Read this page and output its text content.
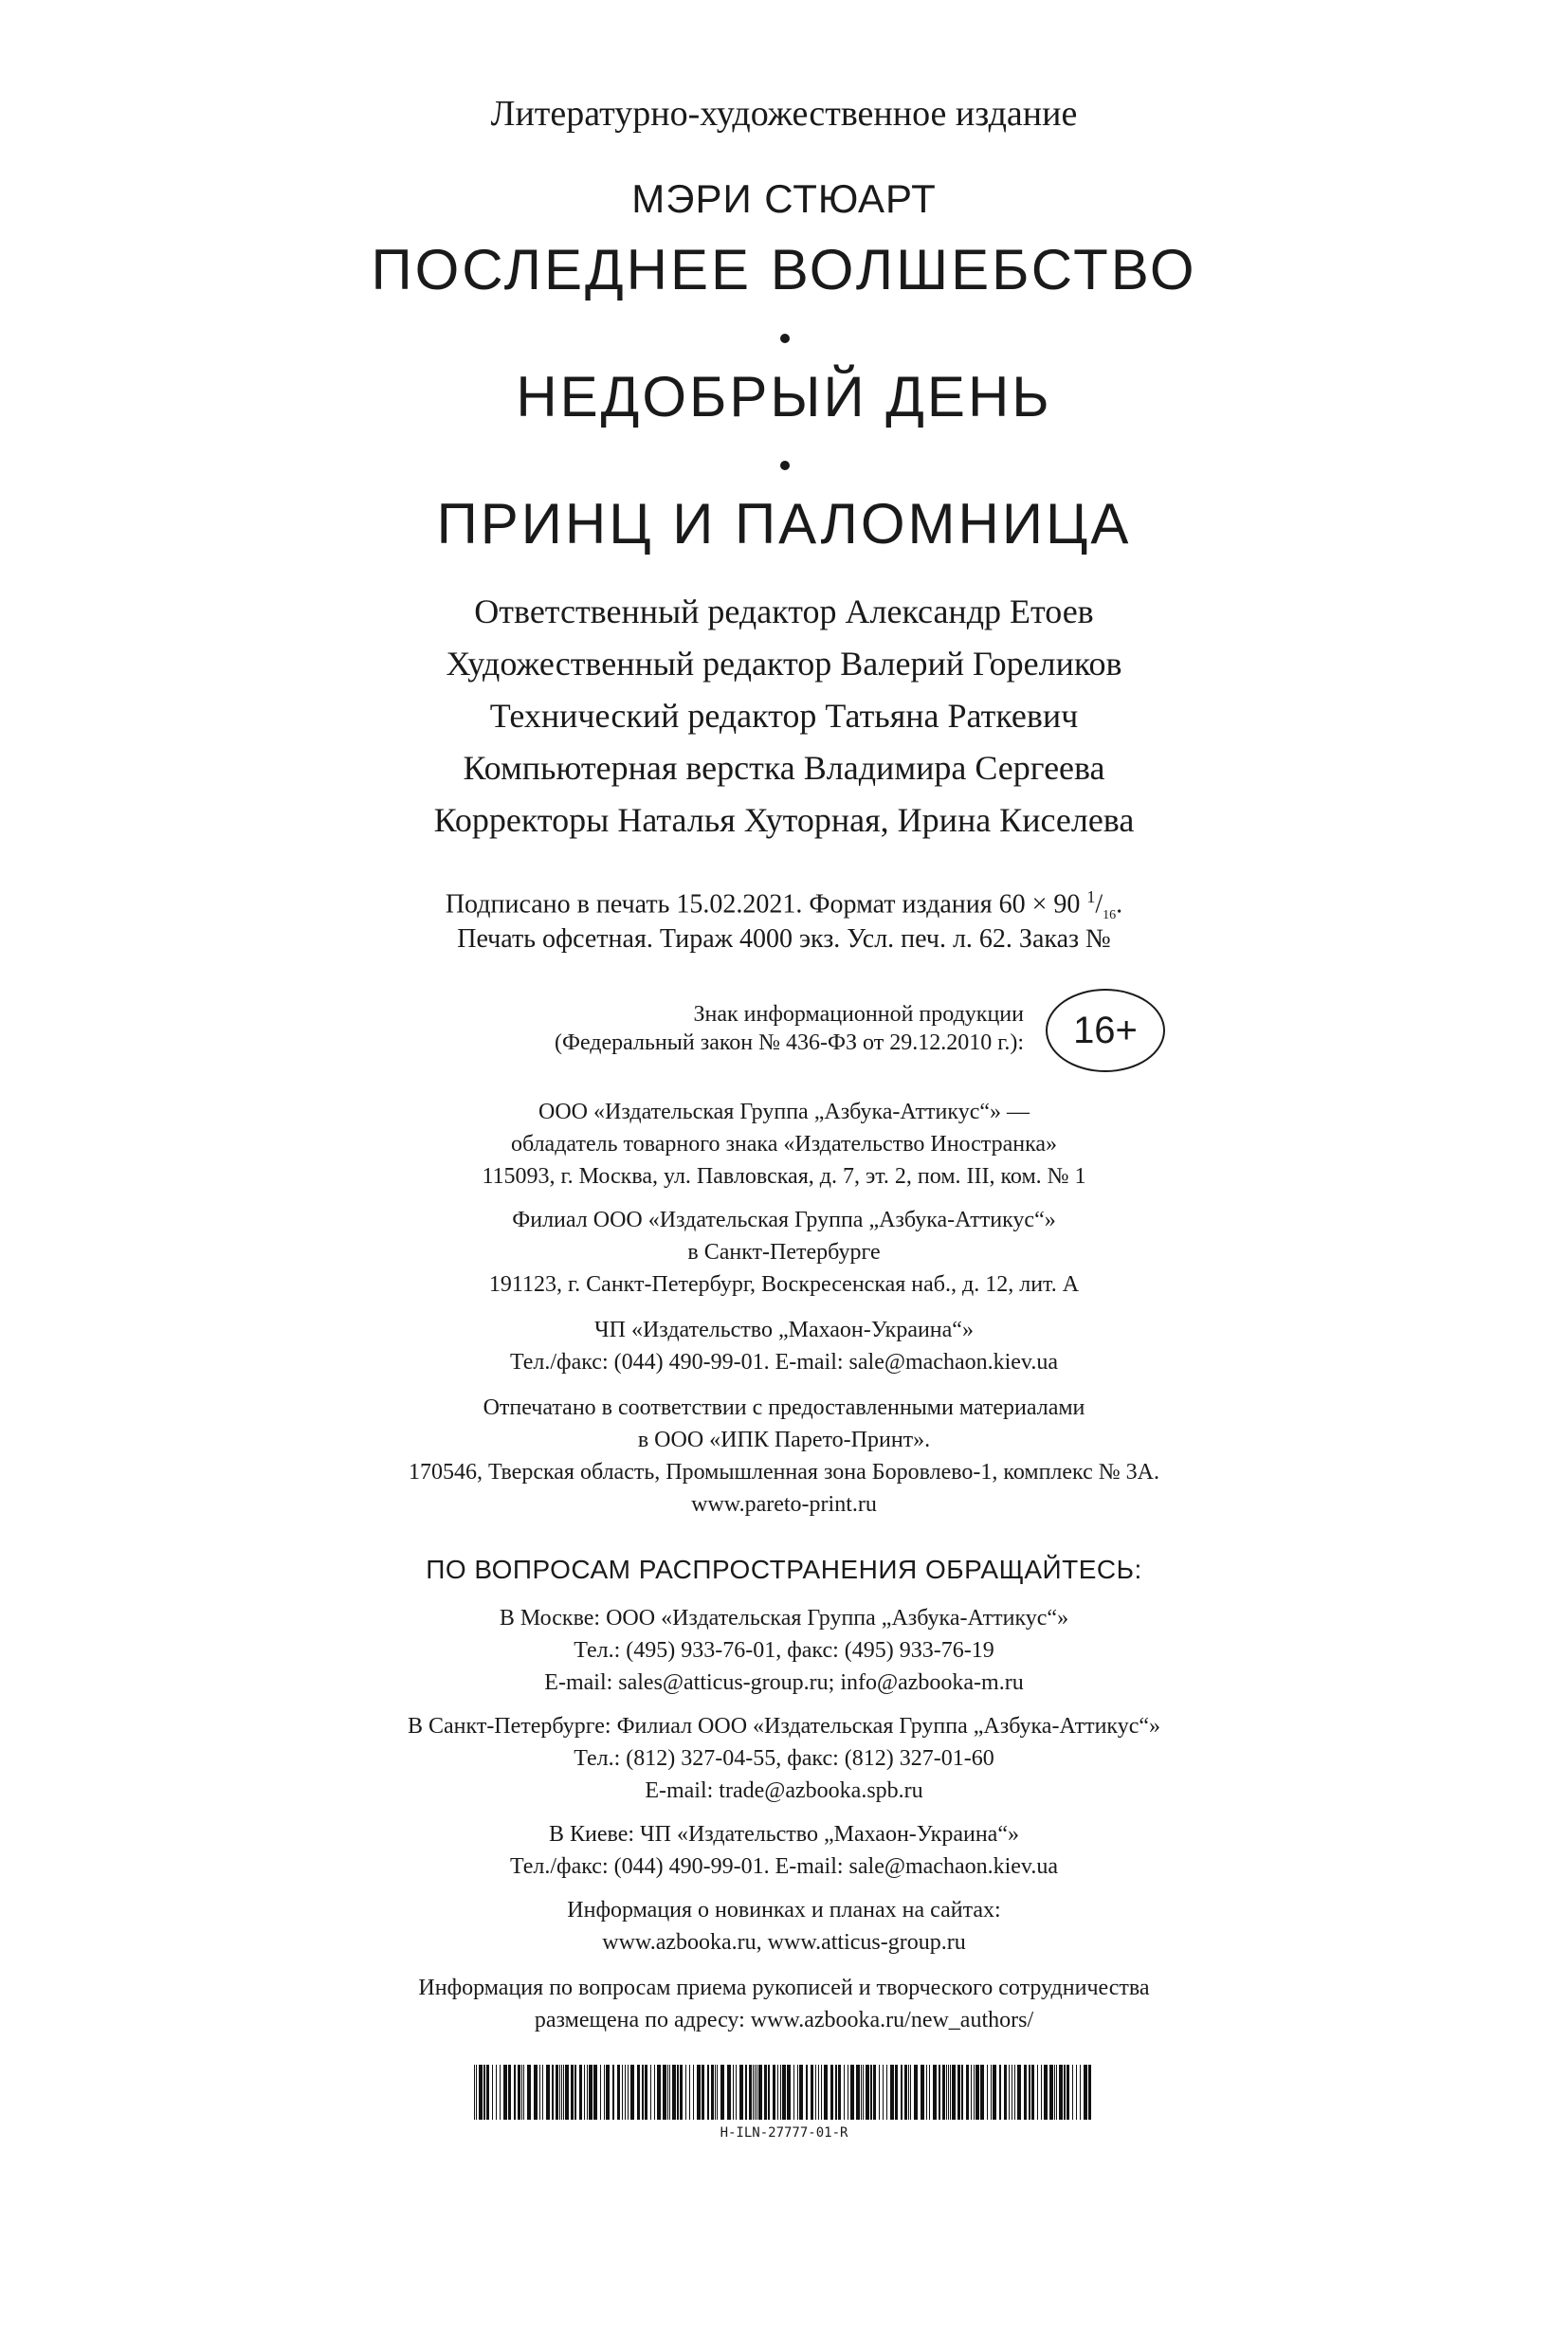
Литературно-художественное издание
МЭРИ СТЮАРТ
ПОСЛЕДНЕЕ ВОЛШЕБСТВО
НЕДОБРЫЙ ДЕНЬ
ПРИНЦ И ПАЛОМНИЦА
Ответственный редактор Александр Етоев
Художественный редактор Валерий Гореликов
Технический редактор Татьяна Раткевич
Компьютерная верстка Владимира Сергеева
Корректоры Наталья Хуторная, Ирина Киселева
Подписано в печать 15.02.2021. Формат издания 60 × 90 $^1/_{16}$.
Печать офсетная. Тираж 4000 экз. Усл. печ. л. 62. Заказ №
Знак информационной продукции
(Федеральный закон № 436-ФЗ от 29.12.2010 г.):	16+
ООО «Издательская Группа „Азбука-Аттикус“» —
обладатель товарного знака «Издательство Иностранка»
115093, г. Москва, ул. Павловская, д. 7, эт. 2, пом. III, ком. № 1
Филиал ООО «Издательская Группа „Азбука-Аттикус“»
в Санкт-Петербурге
191123, г. Санкт-Петербург, Воскресенская наб., д. 12, лит. А
ЧП «Издательство „Махаон-Украина“»
Тел./факс: (044) 490-99-01. E-mail: sale@machaon.kiev.ua
Отпечатано в соответствии с предоставленными материалами
в ООО «ИПК Парето-Принт».
170546, Тверская область, Промышленная зона Боровлево-1, комплекс № 3А.
www.pareto-print.ru
ПО ВОПРОСАМ РАСПРОСТРАНЕНИЯ ОБРАЩАЙТЕСЬ:
В Москве: ООО «Издательская Группа „Азбука-Аттикус“»
Тел.: (495) 933-76-01, факс: (495) 933-76-19
E-mail: sales@atticus-group.ru; info@azbooka-m.ru
В Санкт-Петербурге: Филиал ООО «Издательская Группа „Азбука-Аттикус“»
Тел.: (812) 327-04-55, факс: (812) 327-01-60
E-mail: trade@azbooka.spb.ru
В Киеве: ЧП «Издательство „Махаон-Украина“»
Тел./факс: (044) 490-99-01. E-mail: sale@machaon.kiev.ua
Информация о новинках и планах на сайтах:
www.azbooka.ru, www.atticus-group.ru
Информация по вопросам приема рукописей и творческого сотрудничества
размещена по адресу: www.azbooka.ru/new_authors/
H-ILN-27777-01-R
